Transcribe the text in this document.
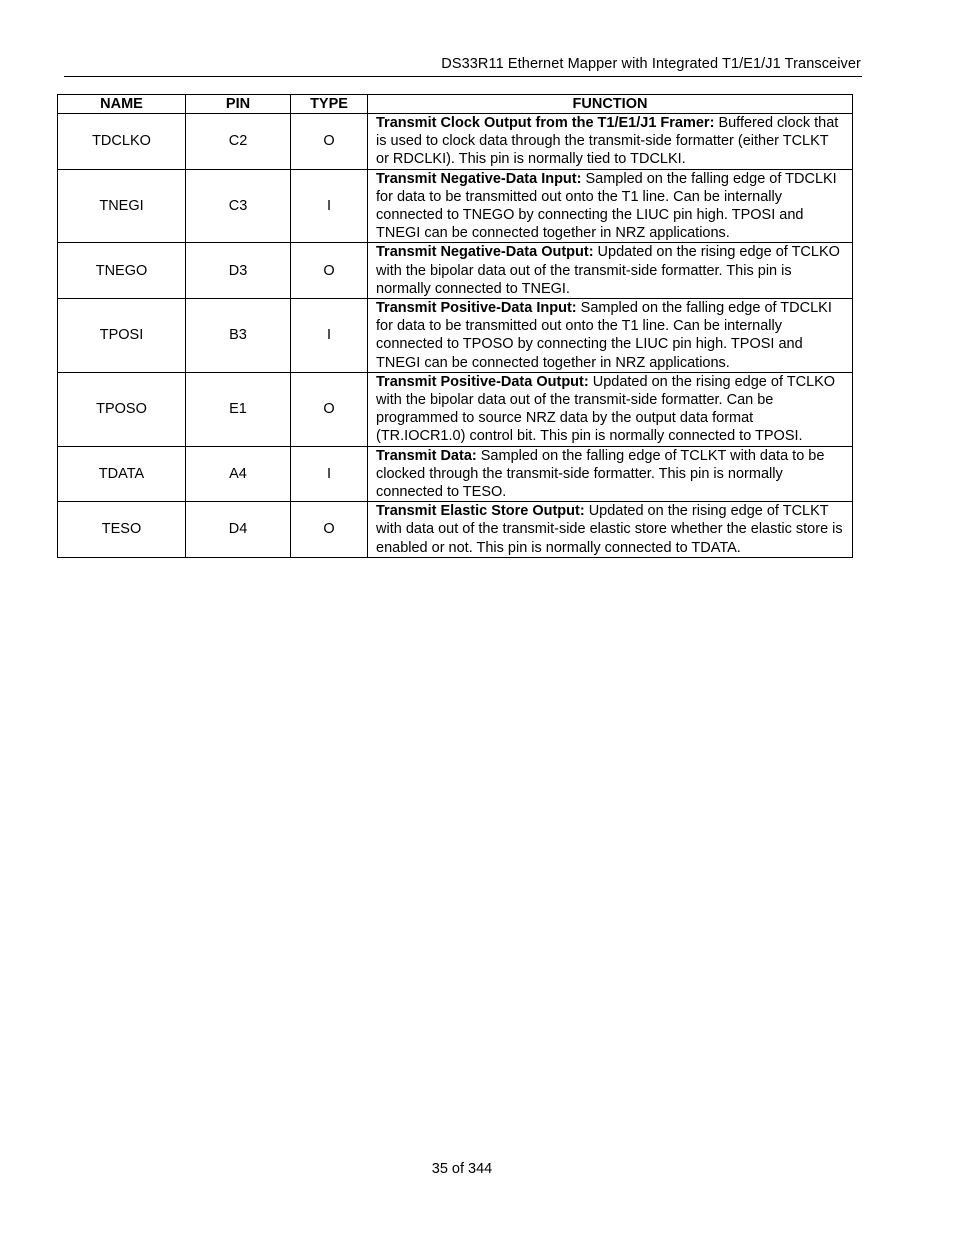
DS33R11 Ethernet Mapper with Integrated T1/E1/J1 Transceiver
NAME	PIN	TYPE	FUNCTION
TDCLKO	C2	O	Transmit Clock Output from the T1/E1/J1 Framer: Buffered clock that is used to clock data through the transmit-side formatter (either TCLKT or RDCLKI). This pin is normally tied to TDCLKI.
TNEGI	C3	I	Transmit Negative-Data Input: Sampled on the falling edge of TDCLKI for data to be transmitted out onto the T1 line. Can be internally connected to TNEGO by connecting the LIUC pin high. TPOSI and TNEGI can be connected together in NRZ applications.
TNEGO	D3	O	Transmit Negative-Data Output: Updated on the rising edge of TCLKO with the bipolar data out of the transmit-side formatter. This pin is normally connected to TNEGI.
TPOSI	B3	I	Transmit Positive-Data Input: Sampled on the falling edge of TDCLKI for data to be transmitted out onto the T1 line. Can be internally connected to TPOSO by connecting the LIUC pin high. TPOSI and TNEGI can be connected together in NRZ applications.
TPOSO	E1	O	Transmit Positive-Data Output: Updated on the rising edge of TCLKO with the bipolar data out of the transmit-side formatter. Can be programmed to source NRZ data by the output data format (TR.IOCR1.0) control bit. This pin is normally connected to TPOSI.
TDATA	A4	I	Transmit Data: Sampled on the falling edge of TCLKT with data to be clocked through the transmit-side formatter. This pin is normally connected to TESO.
TESO	D4	O	Transmit Elastic Store Output: Updated on the rising edge of TCLKT with data out of the transmit-side elastic store whether the elastic store is enabled or not. This pin is normally connected to TDATA.
35 of 344
